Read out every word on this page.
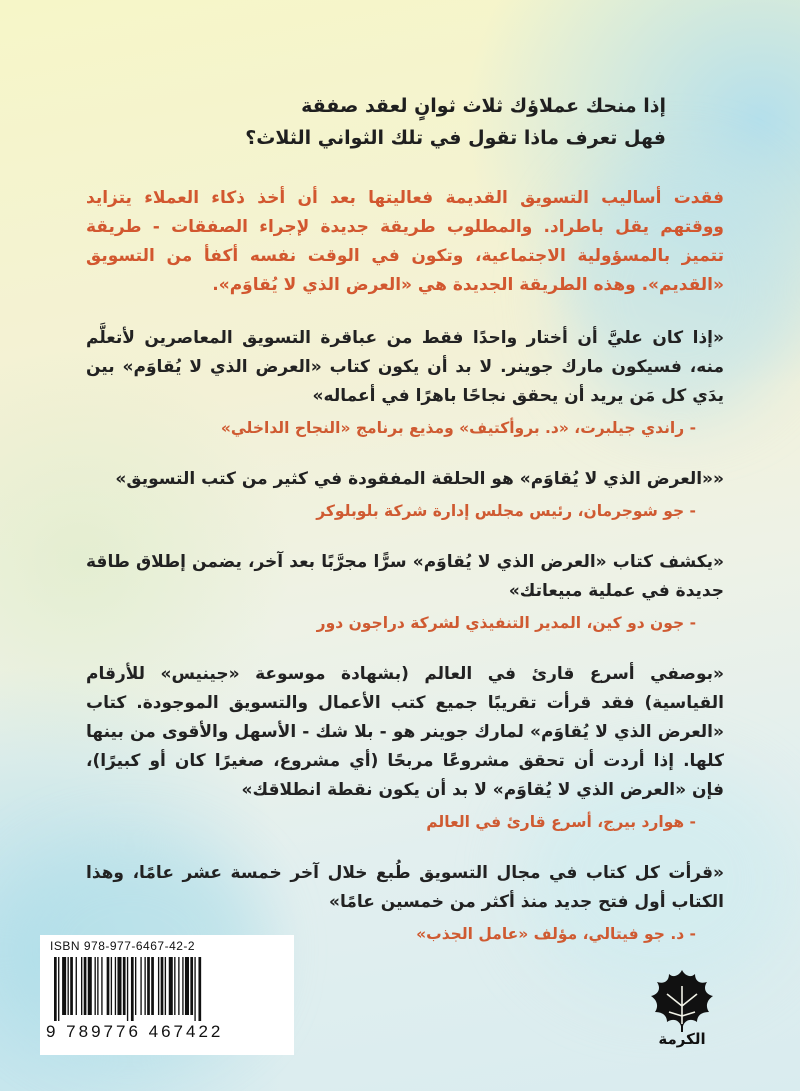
إذا منحك عملاؤك ثلاث ثوانٍ لعقد صفقة
فهل تعرف ماذا تقول في تلك الثواني الثلاث؟

فقدت أساليب التسويق القديمة فعاليتها بعد أن أخذ ذكاء العملاء يتزايد ووقتهم يقل باطراد. والمطلوب طريقة جديدة لإجراء الصفقات - طريقة تتميز بالمسؤولية الاجتماعية، وتكون في الوقت نفسه أكفأ من التسويق «القديم». وهذه الطريقة الجديدة هي «العرض الذي لا يُقاوَم».

«إذا كان عليَّ أن أختار واحدًا فقط من عباقرة التسويق المعاصرين لأتعلَّم منه، فسيكون مارك جوينر. لا بد أن يكون كتاب «العرض الذي لا يُقاوَم» بين يدَي كل مَن يريد أن يحقق نجاحًا باهرًا في أعماله»

- راندي جيلبرت، «د. بروأكتيف» ومذيع برنامج «النجاح الداخلي»

««العرض الذي لا يُقاوَم» هو الحلقة المفقودة في كثير من كتب التسويق»

- جو شوجرمان، رئيس مجلس إدارة شركة بلوبلوكر

«يكشف كتاب «العرض الذي لا يُقاوَم» سرًّا مجرَّبًا بعد آخر، يضمن إطلاق طاقة جديدة في عملية مبيعاتك»

- جون دو كين، المدير التنفيذي لشركة دراجون دور

«بوصفي أسرع قارئ في العالم (بشهادة موسوعة «جينيس» للأرقام القياسية) فقد قرأت تقريبًا جميع كتب الأعمال والتسويق الموجودة. كتاب «العرض الذي لا يُقاوَم» لمارك جوينر هو - بلا شك - الأسهل والأقوى من بينها كلها. إذا أردت أن تحقق مشروعًا مربحًا (أي مشروع، صغيرًا كان أو كبيرًا)، فإن «العرض الذي لا يُقاوَم» لا بد أن يكون نقطة انطلاقك»

- هوارد بيرج، أسرع قارئ في العالم

«قرأت كل كتاب في مجال التسويق طُبع خلال آخر خمسة عشر عامًا، وهذا الكتاب أول فتح جديد منذ أكثر من خمسين عامًا»

- د. جو فيتالي، مؤلف «عامل الجذب»

ISBN 978-977-6467-42-2
9 789776 467422	الكرمة
